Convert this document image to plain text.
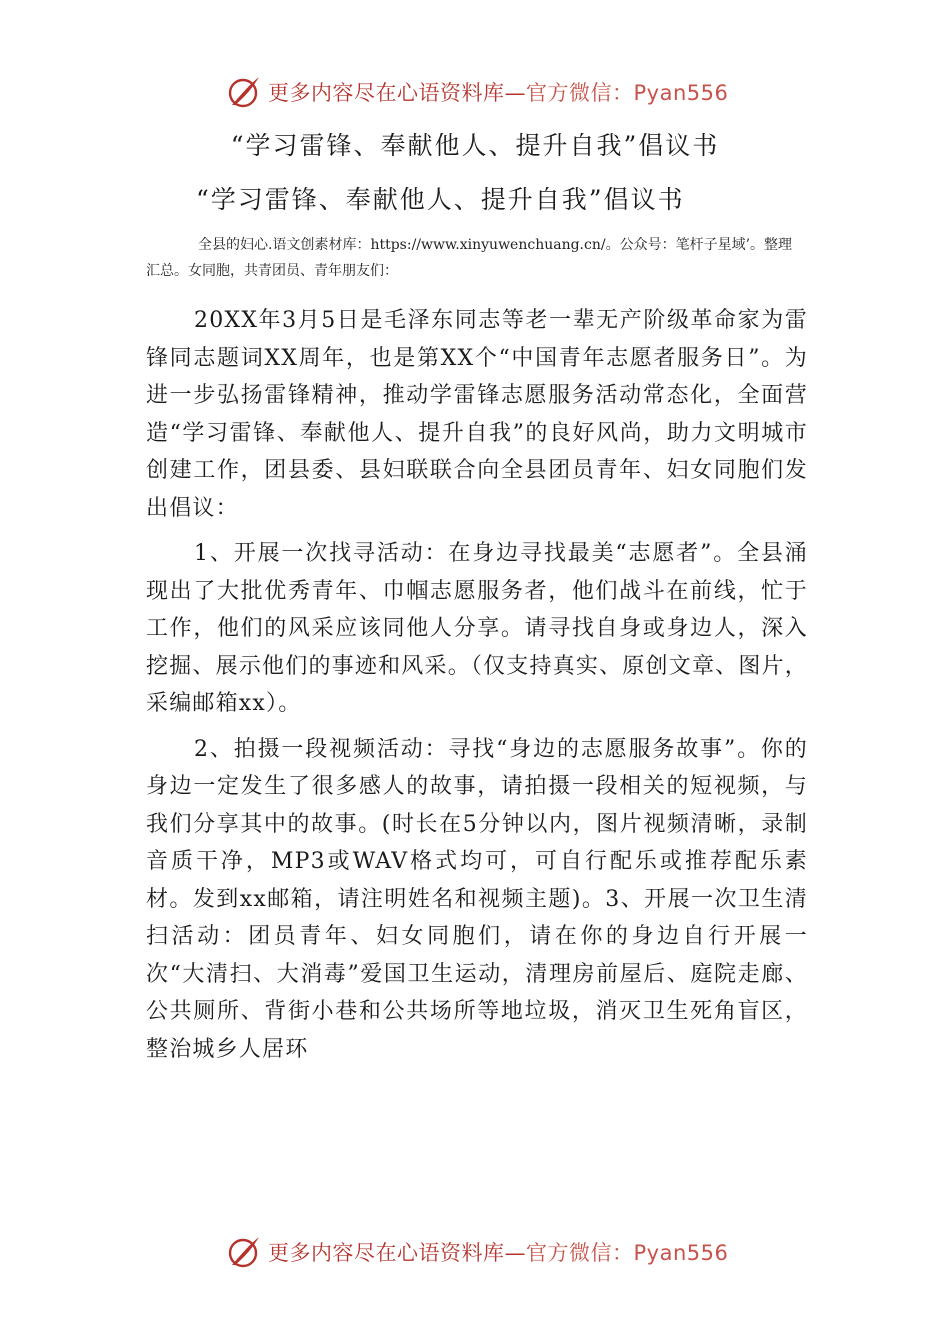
更多内容尽在心语资料库—官方微信：Pyan556
“学习雷锋、奉献他人、提升自我”倡议书
“学习雷锋、奉献他人、提升自我”倡议书
全县的妇心.语文创素材库：https://www.xinyuwenchuang.cn/。公众号：笔杆子星域’。整理汇总。女同胞，共青团员、青年朋友们：

20XX年3月5日是毛泽东同志等老一辈无产阶级革命家为雷锋同志题词XX周年，也是第XX个“中国青年志愿者服务日”。为进一步弘扬雷锋精神，推动学雷锋志愿服务活动常态化，全面营造“学习雷锋、奉献他人、提升自我”的良好风尚，助力文明城市创建工作，团县委、县妇联联合向全县团员青年、妇女同胞们发出倡议：

1、开展一次找寻活动：在身边寻找最美“志愿者”。全县涌现出了大批优秀青年、巾帼志愿服务者，他们战斗在前线，忙于工作，他们的风采应该同他人分享。请寻找自身或身边人，深入挖掘、展示他们的事迹和风采。（仅支持真实、原创文章、图片，采编邮箱xx）。

2、拍摄一段视频活动：寻找“身边的志愿服务故事”。你的身边一定发生了很多感人的故事，请拍摄一段相关的短视频，与我们分享其中的故事。(时长在5分钟以内，图片视频清晰，录制音质干净，MP3或WAV格式均可，可自行配乐或推荐配乐素材。发到xx邮箱，请注明姓名和视频主题)。3、开展一次卫生清扫活动：团员青年、妇女同胞们，请在你的身边自行开展一次“大清扫、大消毒”爱国卫生运动，清理房前屋后、庭院走廊、公共厕所、背街小巷和公共场所等地垃圾，消灭卫生死角盲区，整治城乡人居环

更多内容尽在心语资料库—官方微信：Pyan556
